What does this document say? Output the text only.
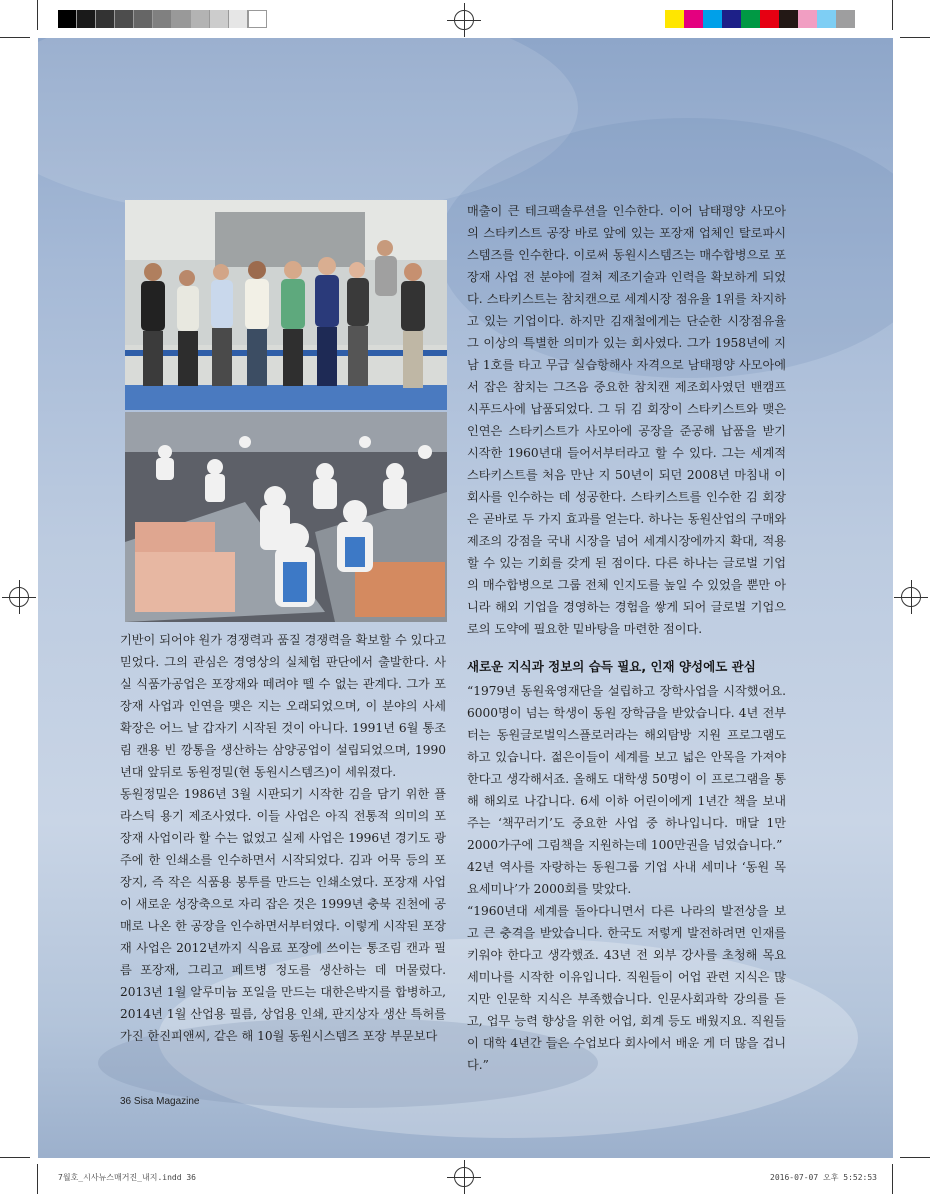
기반이 되어야 원가 경쟁력과 품질 경쟁력을 확보할 수 있다고 믿었다. 그의 관심은 경영상의 실체험 판단에서 출발한다. 사실 식품가공업은 포장재와 떼려야 뗄 수 없는 관계다. 그가 포장재 사업과 인연을 맺은 지는 오래되었으며, 이 분야의 사세 확장은 어느 날 갑자기 시작된 것이 아니다. 1991년 6월 통조림 캔용 빈 깡통을 생산하는 삼양공업이 설립되었으며, 1990년대 앞뒤로 동원정밀(현 동원시스템즈)이 세워졌다.

동원정밀은 1986년 3월 시판되기 시작한 김을 담기 위한 플라스틱 용기 제조사였다. 이들 사업은 아직 전통적 의미의 포장재 사업이라 할 수는 없었고 실제 사업은 1996년 경기도 광주에 한 인쇄소를 인수하면서 시작되었다. 김과 어묵 등의 포장지, 즉 작은 식품용 봉투를 만드는 인쇄소였다. 포장재 사업이 새로운 성장축으로 자리 잡은 것은 1999년 충북 진천에 공매로 나온 한 공장을 인수하면서부터였다. 이렇게 시작된 포장재 사업은 2012년까지 식음료 포장에 쓰이는 통조림 캔과 필름 포장재, 그리고 페트병 정도를 생산하는 데 머물렀다. 2013년 1월 알루미늄 포일을 만드는 대한은박지를 합병하고, 2014년 1월 산업용 필름, 상업용 인쇄, 판지상자 생산 특허를 가진 한진피앤씨, 같은 해 10월 동원시스템즈 포장 부문보다

매출이 큰 테크팩솔루션을 인수한다. 이어 남태평양 사모아의 스타키스트 공장 바로 앞에 있는 포장재 업체인 탈로파시스템즈를 인수한다. 이로써 동원시스템즈는 매수합병으로 포장재 사업 전 분야에 걸쳐 제조기술과 인력을 확보하게 되었다. 스타키스트는 참치캔으로 세계시장 점유율 1위를 차지하고 있는 기업이다. 하지만 김재철에게는 단순한 시장점유율 그 이상의 특별한 의미가 있는 회사였다. 그가 1958년에 지남 1호를 타고 무급 실습항해사 자격으로 남태평양 사모아에서 잡은 참치는 그즈음 중요한 참치캔 제조회사였던 밴캠프 시푸드사에 납품되었다. 그 뒤 김 회장이 스타키스트와 맺은 인연은 스타키스트가 사모아에 공장을 준공해 납품을 받기 시작한 1960년대 들어서부터라고 할 수 있다. 그는 세계적 스타키스트를 처음 만난 지 50년이 되던 2008년 마침내 이 회사를 인수하는 데 성공한다. 스타키스트를 인수한 김 회장은 곧바로 두 가지 효과를 얻는다. 하나는 동원산업의 구매와 제조의 강점을 국내 시장을 넘어 세계시장에까지 확대, 적용할 수 있는 기회를 갖게 된 점이다. 다른 하나는 글로벌 기업의 매수합병으로 그룹 전체 인지도를 높일 수 있었을 뿐만 아니라 해외 기업을 경영하는 경험을 쌓게 되어 글로벌 기업으로의 도약에 필요한 밑바탕을 마련한 점이다.

새로운 지식과 정보의 습득 필요, 인재 양성에도 관심

“1979년 동원육영재단을 설립하고 장학사업을 시작했어요. 6000명이 넘는 학생이 동원 장학금을 받았습니다. 4년 전부터는 동원글로벌익스플로러라는 해외탐방 지원 프로그램도 하고 있습니다. 젊은이들이 세계를 보고 넓은 안목을 가져야 한다고 생각해서죠. 올해도 대학생 50명이 이 프로그램을 통해 해외로 나갑니다. 6세 이하 어린이에게 1년간 책을 보내주는 ‘책꾸러기’도 중요한 사업 중 하나입니다. 매달 1만2000가구에 그림책을 지원하는데 100만권을 넘었습니다.”

42년 역사를 자랑하는 동원그룹 기업 사내 세미나 ‘동원 목요세미나’가 2000회를 맞았다.

“1960년대 세계를 돌아다니면서 다른 나라의 발전상을 보고 큰 충격을 받았습니다. 한국도 저렇게 발전하려면 인재를 키워야 한다고 생각했죠. 43년 전 외부 강사를 초청해 목요세미나를 시작한 이유입니다. 직원들이 어업 관련 지식은 많지만 인문학 지식은 부족했습니다. 인문사회과학 강의를 듣고, 업무 능력 향상을 위한 어업, 회계 등도 배웠지요. 직원들이 대학 4년간 들은 수업보다 회사에서 배운 게 더 많을 겁니다.”

36 Sisa Magazine
7월호_시사뉴스매거진_내지.indd 36	2016-07-07 오후 5:52:53
